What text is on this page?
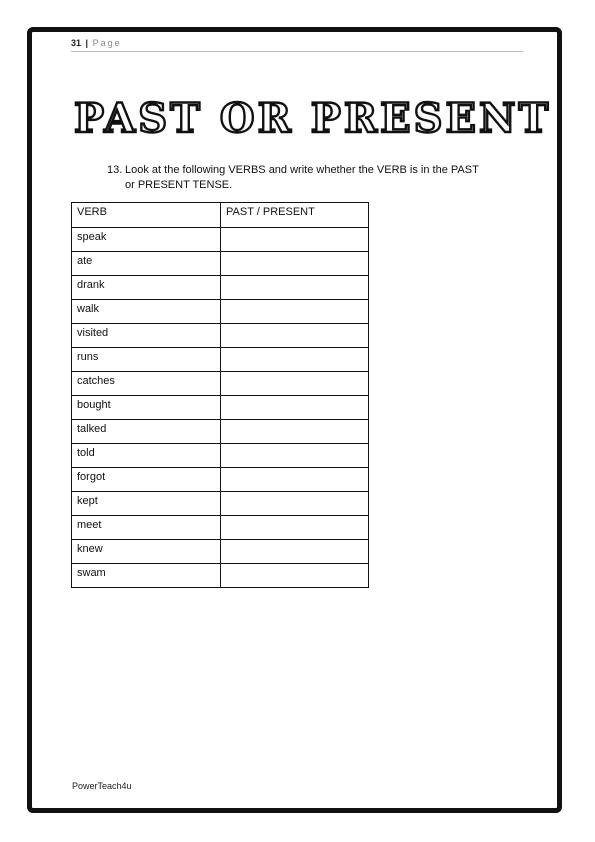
31 | Page
PAST OR PRESENT
13. Look at the following VERBS and write whether the VERB is in the PAST
or PRESENT TENSE.
VERB	PAST / PRESENT
speak	
ate	
drank	
walk	
visited	
runs	
catches	
bought	
talked	
told	
forgot	
kept	
meet	
knew	
swam	
PowerTeach4u
